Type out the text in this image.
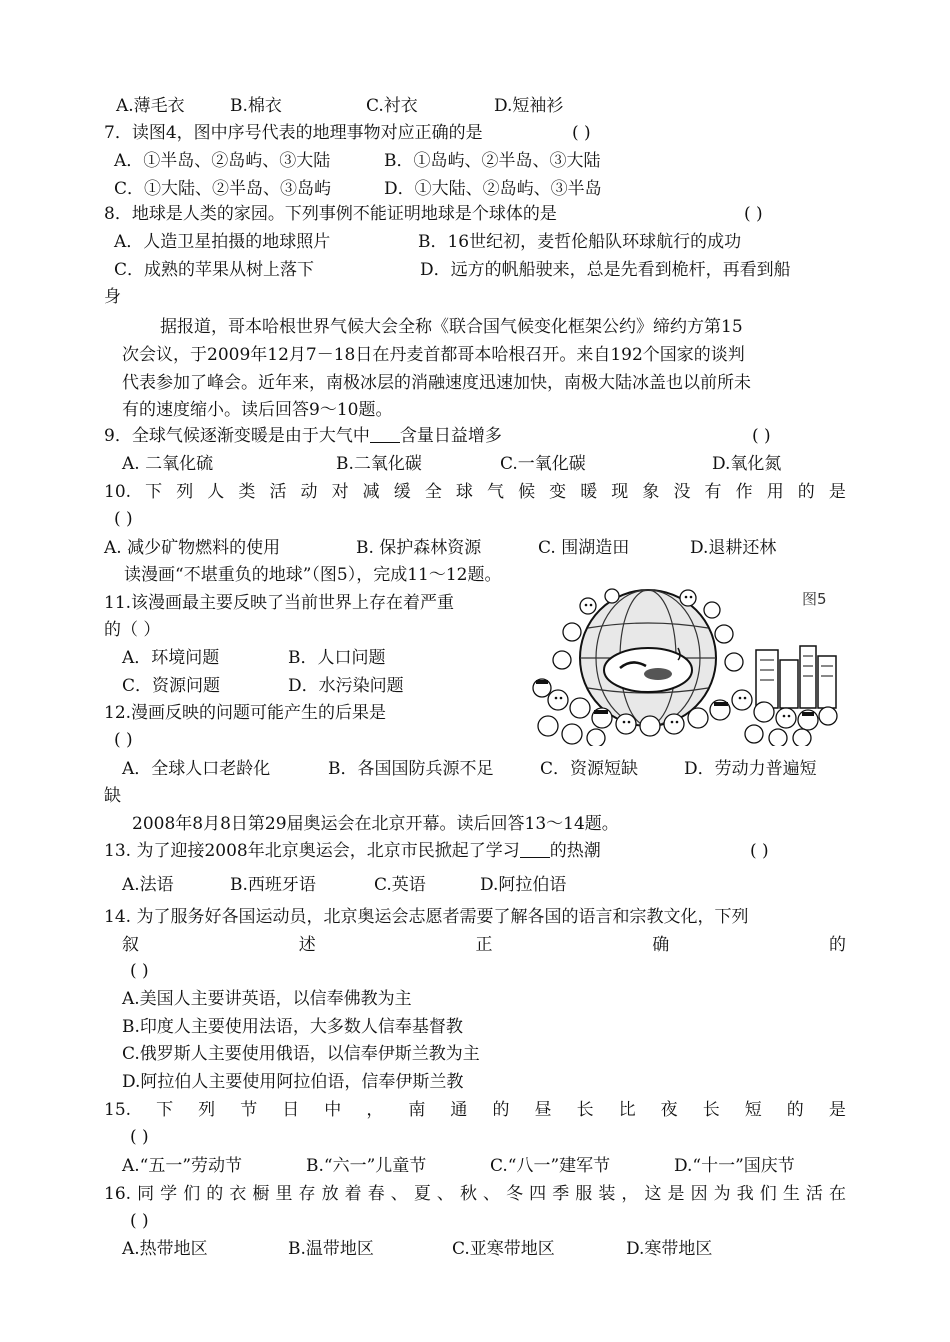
A.薄毛衣	B.棉衣	C.衬衣	D.短袖衫
7．读图4，图中序号代表的地理事物对应正确的是	( )
A．①半岛、②岛屿、③大陆	B．①岛屿、②半岛、③大陆
C．①大陆、②半岛、③岛屿	D．①大陆、②岛屿、③半岛
8．地球是人类的家园。下列事例不能证明地球是个球体的是	( )
A．人造卫星拍摄的地球照片	B．16世纪初，麦哲伦船队环球航行的成功
C．成熟的苹果从树上落下	D．远方的帆船驶来，总是先看到桅杆，再看到船
身
据报道，哥本哈根世界气候大会全称《联合国气候变化框架公约》缔约方第15
次会议，于2009年12月7－18日在丹麦首都哥本哈根召开。来自192个国家的谈判
代表参加了峰会。近年来，南极冰层的消融速度迅速加快，南极大陆冰盖也以前所未
有的速度缩小。读后回答9～10题。
9．全球气候逐渐变暖是由于大气中 含量日益增多	( )
A. 二氧化硫	B.二氧化碳	C.一氧化碳	D.氧化氮
10. 下 列 人 类 活 动 对 减 缓 全 球 气 候 变 暖 现 象 没 有 作 用 的 是
( )
A. 减少矿物燃料的使用	B. 保护森林资源	C. 围湖造田	D.退耕还林
读漫画“不堪重负的地球”（图5），完成11～12题。
图5
11.该漫画最主要反映了当前世界上存在着严重
的（ ）
A．环境问题	B．人口问题
C．资源问题	D．水污染问题
12.漫画反映的问题可能产生的后果是
( )
A．全球人口老龄化	B．各国国防兵源不足	C．资源短缺	D．劳动力普遍短
缺
2008年8月8日第29届奥运会在北京开幕。读后回答13～14题。
13. 为了迎接2008年北京奥运会，北京市民掀起了学习 的热潮	( )
A.法语	B.西班牙语	C.英语	D.阿拉伯语
14. 为了服务好各国运动员，北京奥运会志愿者需要了解各国的语言和宗教文化，下列
叙	述	正	确	的
( )
A.美国人主要讲英语，以信奉佛教为主
B.印度人主要使用法语，大多数人信奉基督教
C.俄罗斯人主要使用俄语，以信奉伊斯兰教为主
D.阿拉伯人主要使用阿拉伯语，信奉伊斯兰教
15. 下 列 节 日 中 ， 南 通 的 昼 长 比 夜 长 短 的 是
( )
A.“五一”劳动节	B.“六一”儿童节	C.“八一”建军节	D.“十一”国庆节
16. 同 学 们 的 衣 橱 里 存 放 着 春 、 夏 、 秋 、 冬 四 季 服 装 ， 这 是 因 为 我 们 生 活 在
( )
A.热带地区	B.温带地区	C.亚寒带地区	D.寒带地区
